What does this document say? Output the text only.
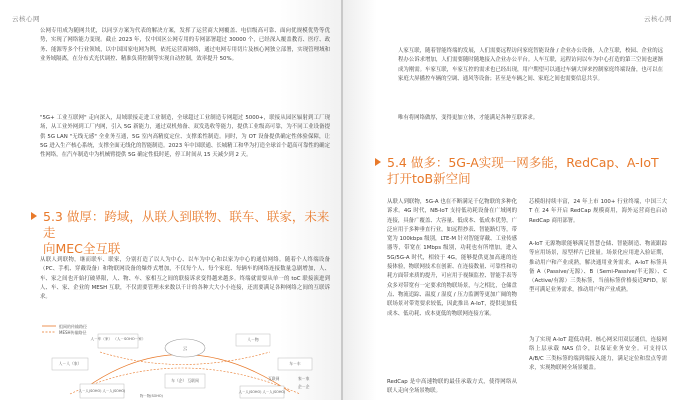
云核心网
公网专用成为随网共优，以同享方案为代表的解决方案，发挥了运营商大网覆盖、电信级高可靠、面向优规模优势等优势，实现了网络能力变现。截止 2023 年，仅中国区公网专用的专网部署超过 30000 个，已经深入覆盖教育、医疗、政务、能源等多个行业领域，以中国国家电网为例，依托运营商网络，通过电网专用切片及核心网独立部署，实现管理域和业务域隔离，在分布式光伏调控、精准负荷控制等实现自动控制，效率提升 50%。
"5G+ 工业互联网" 走向深入，局域联接走进工业制造，全球超过工业制造专网超过 5000+，联接从园区辐射到工厂现场，从工业外网到工厂内网，引入 5G 新能力，通过双机热备、双发选收等能力，提供工业级高可靠，为不同工业设备提供 5G LAN "无线无感" 全业务互通，5G 室内高精度定位、支撑柔性制造。同时，为 OT 设备提供确定性体验保障，让 5G 进入生产核心系统，支撑全面无线化的智能制造。2023 年中国联通、长城精工和华为打造全球首个超高可靠性的确定性网络，在汽车制造中为机械臂提供 5G 确定性低时延，停工时间从 15 天减少到 2 天。
5.3 做厚：跨域，从联人到联物、联车、联家，未来走
向MEC全互联
从联人到联物，继而联车、联家，分别打造了以人为中心、以车为中心和以家为中心的通信网络。随着个人终端设备（PC、手机、穿戴设备）和物联网设备的爆炸式增加，不仅每个人、每个家庭、每辆车的网络连接数量急剧增加，人、车、家之间也开始打破界限，人、物、车、家相互之间的联接诉求变得越来越多。终端就需要从单一的 toC 联接演进到人、车、家、企业的 MESH 互联，不仅需要管理未来数以千计的各种大大小小连接，还需要满足各种网络之间的互联诉求。
组网的传输路径
MESH传输路径
云
人－车（家） （人－SOHO－家）	人－物
人－人（家）	车－车
车（企） 互联网
人－人(SOHO) 人－人(SOHO)
互联网	家－家
企－企
人－人(SOHO) 人－人(SOHO)
物－物(SOHO)
云核心网
人家互联，随着智能终端的发展，人们需要远程访问家庭智能设备 / 企业办公设备，人企互联，校园、企业的远程办公诉求增加，人们需要随时随地接入企业办公平台。人车互联，远程访问以车为中心打造的第三空间也逐渐成为刚需。车家互联，车家互控的需求也已经出现，用户期望可以通过车辆大屏来控制家庭终端设备，也可以在家庭大屏播控车辆的空调、通风等设备；甚至是车辆之间、家庭之间也需要信息共享。
唯有将网络做厚，变得更加立体，才能满足各种互联诉求。
5.4 做多：5G-A实现一网多能，RedCap、A-IoT
打开toB新空间
从联人到联物，5G-A 也在不断满足千亿物联的多种化诉求。4G 时代，NB-IoT 支持低功耗设备在广域网的连接，具备广覆盖、大容量、低成本、低成本优势，广泛应用于多种垂直行业，如远程抄表、智能路灯等，带宽为 100kbps 级别，LTE-M 针对智能穿戴、工业传感器等，带宽在 1Mbps 级别，功耗也有所增加，进入 5G/5G-A 时代，相较于 4G，能够提供更加高速的连接体验，物联网技术在创新、在连接数量、可靠性和功耗方面带来质的提升，可应用于视频监控、智能手表等众多对带宽有一定要求的物联场景，与之相比，仓储盘点、物流追踪、温度 / 湿度 / 压力监测等更加广阔的物联场景对带宽要求较低，因此推出 A-IoT，提供更加低成本、低功耗、成本更低的物联网连接方案。
RedCap 是中高速物联的最佳承载方式，使得网络从联人走向全场景物联。
芯模组持续丰富，24 年上市 100+ 行业终端，中国三大 T 在 24 年开启 RedCap 规模商用，海外运营商也启动 RedCap 商用部署。
A-IoT 无源物联能够满足智慧仓储、智能制造、物流跟踪等应用场景，原型样片已批量。场景化应用进入验证期，推动用户和产业成熟，解决通用业务需求。A-IoT 标签具备 A（Passive/无源）、B（Semi-Passive/半无源）、C（Active/有源）三类标签，当前标签价格接近RFID，原型可满足业务需求，推动用户和产业成熟。
为了实现 A-IoT 超低功耗、核心网采用双层通信，连接网络上层承载 NAS 信令，以保证业务安全。可支持以 A/B/C 三类标签的端到端接入能力，满足定位和盘点等需求，实现物联网全场景覆盖。
